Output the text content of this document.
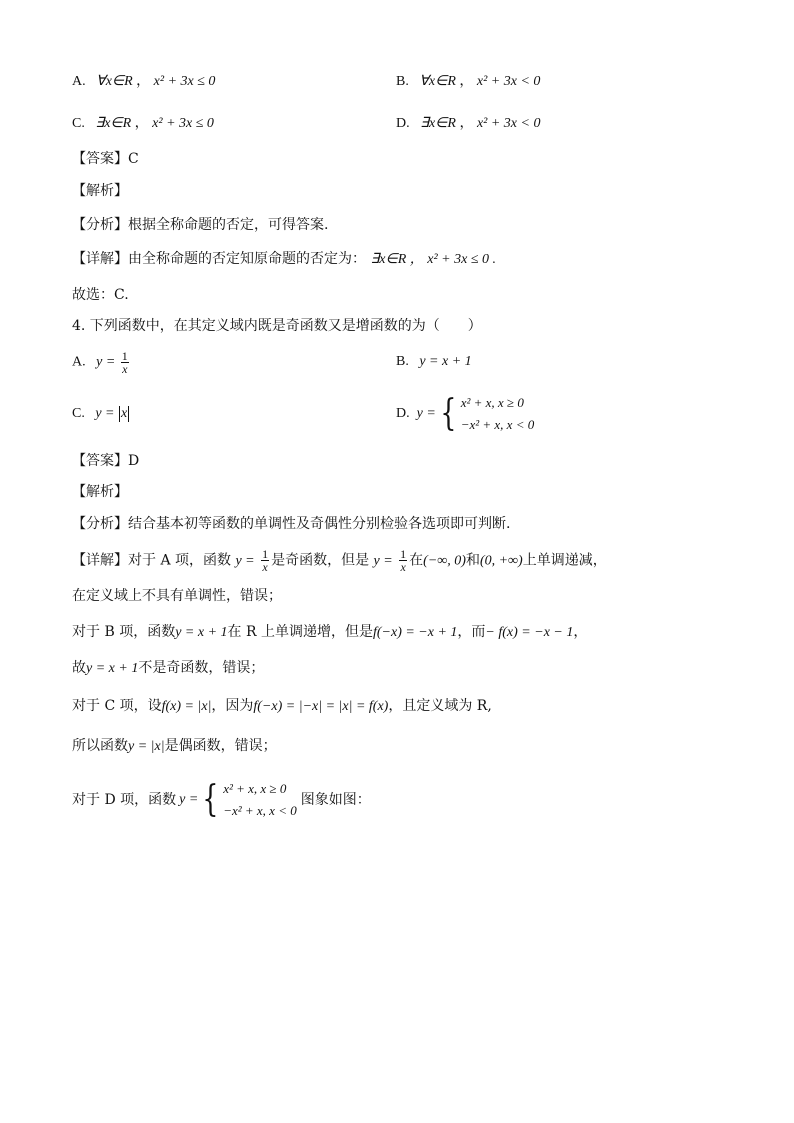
A. ∀x∈R ， x² + 3x ≤ 0	B. ∀x∈R ， x² + 3x < 0
C. ∃x∈R ， x² + 3x ≤ 0	D. ∃x∈R ， x² + 3x < 0
【答案】C
【解析】
【分析】根据全称命题的否定，可得答案.
【详解】由全称命题的否定知原命题的否定为： ∃x∈R ， x² + 3x ≤ 0 .
故选：C.
4. 下列函数中，在其定义域内既是奇函数又是增函数的为（　　）
A. $y = \frac{1}{x}$	B. y = x + 1
C. y = x	D.
y = { x² + x, x ≥ 0
−x² + x, x < 0
【答案】D
【解析】
【分析】结合基本初等函数的单调性及奇偶性分别检验各选项即可判断.
【详解】对于 A 项，函数 $y = \frac{1}{x}$ 是奇函数，但是 $y = \frac{1}{x}$ 在(−∞, 0)和(0, +∞)上单调递减，
在定义域上不具有单调性，错误；
对于 B 项，函数y = x + 1在 R 上单调递增，但是f(−x) = −x + 1，而− f(x) = −x − 1，
故y = x + 1不是奇函数，错误；
对于 C 项，设f(x) = |x|，因为f(−x) = |−x| = |x| = f(x)，且定义域为 R,
所以函数y = |x|是偶函数，错误；
对于 D 项，函数 y = { x² + x, x ≥ 0
−x² + x, x < 0
图象如图：
